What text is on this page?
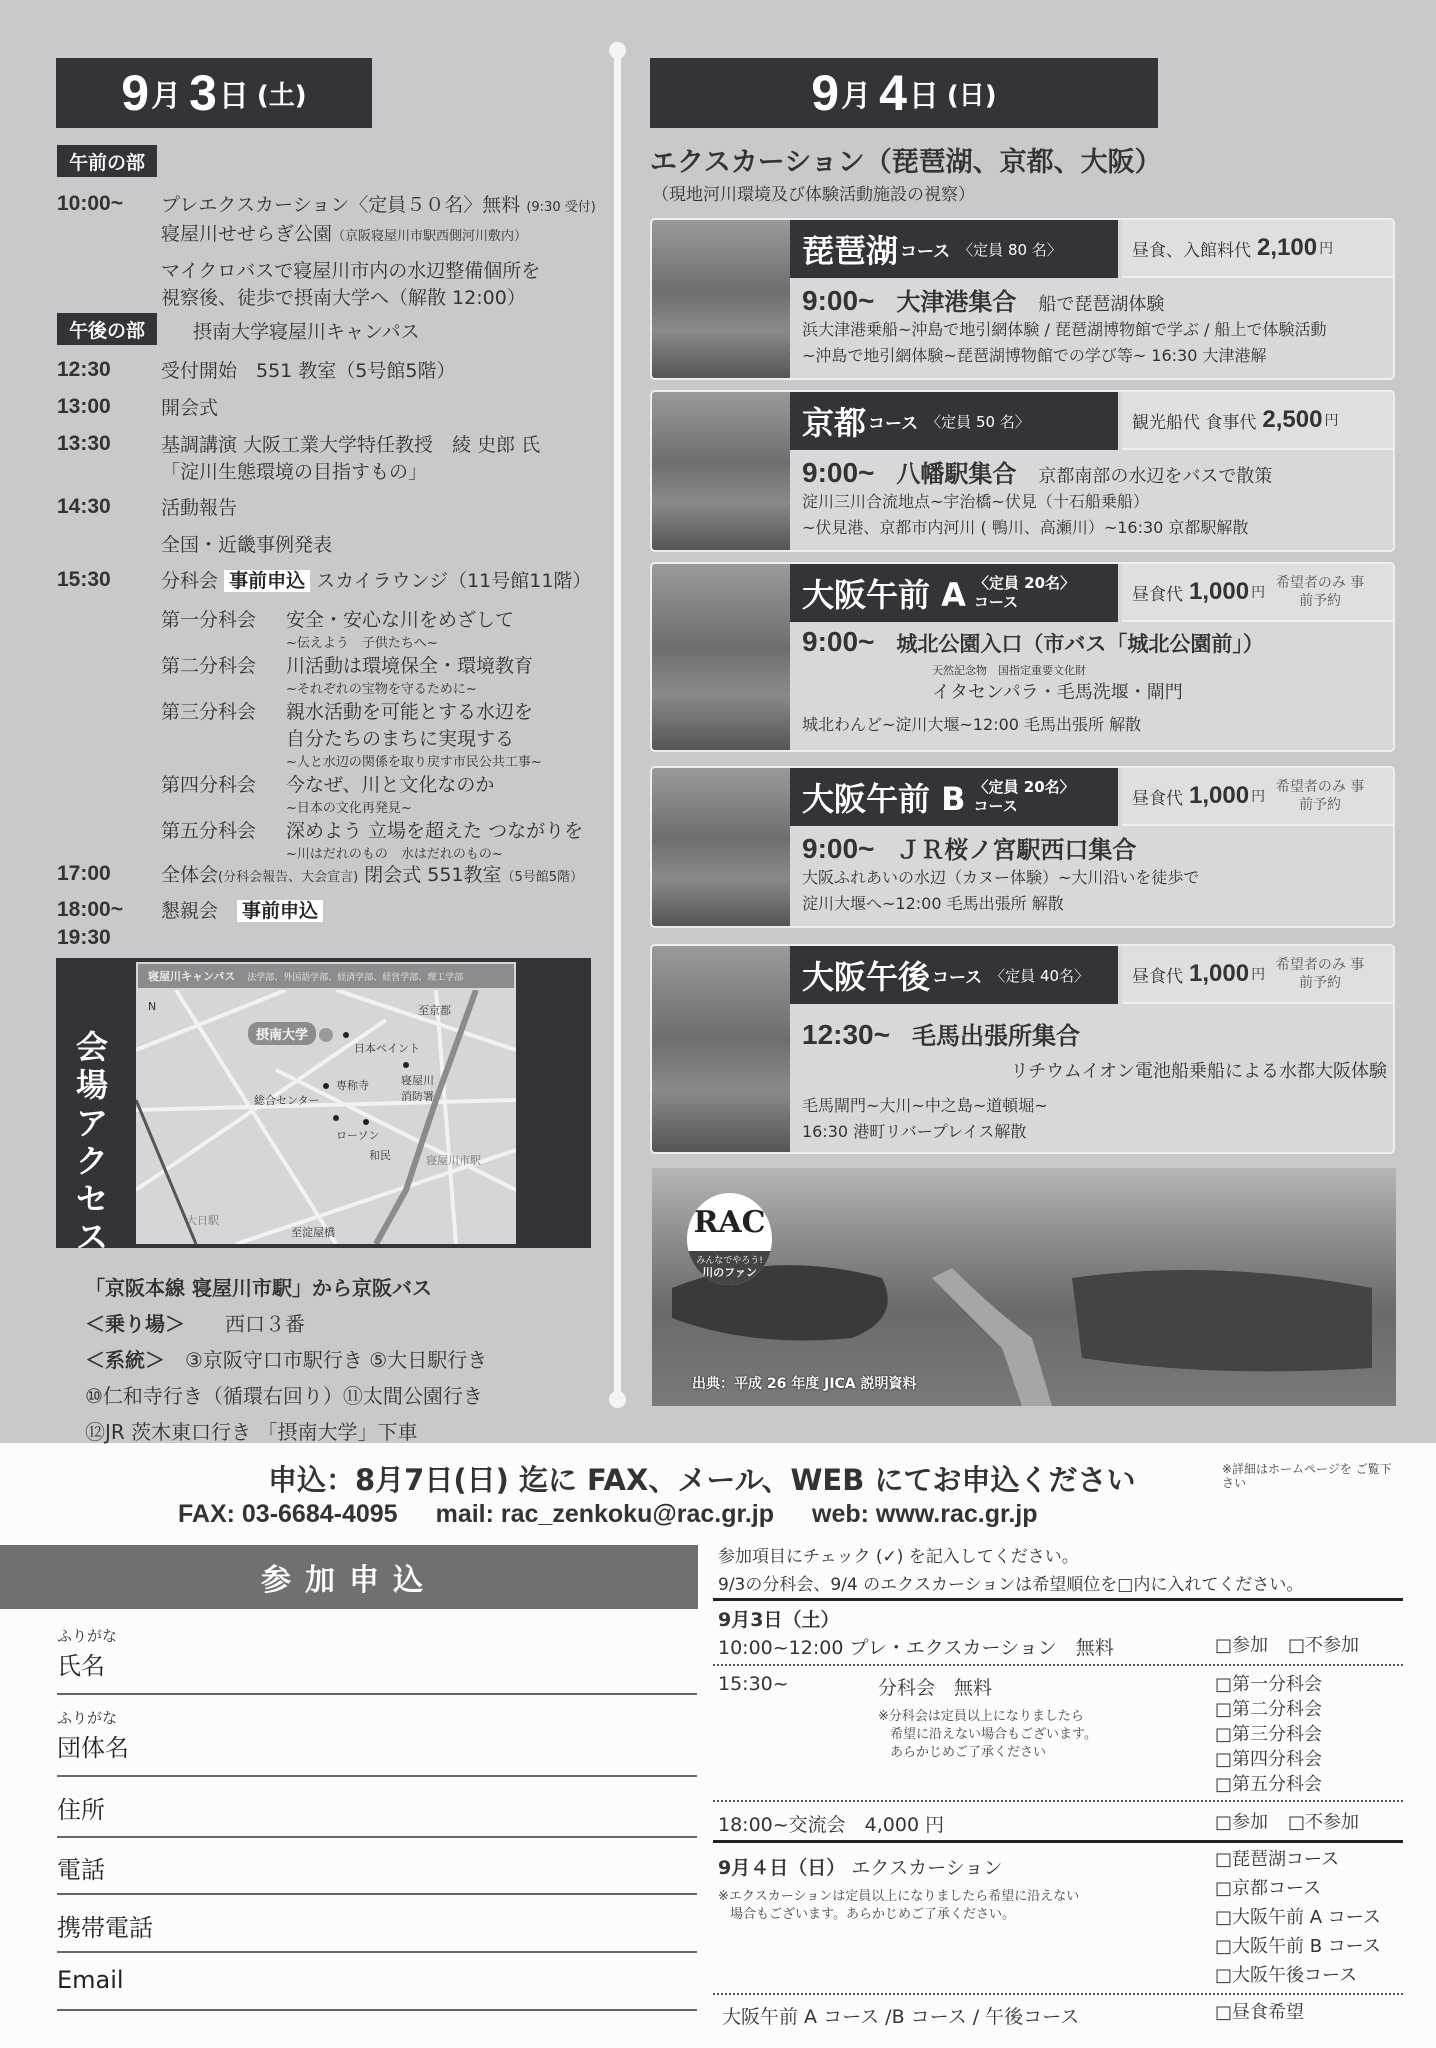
9 月 3 日 (土)
午前の部
10:00~	プレエクスカーション〈定員５０名〉無料 (9:30 受付)
寝屋川せせらぎ公園（京阪寝屋川市駅西側河川敷内）
マイクロバスで寝屋川市内の水辺整備個所を
視察後、徒歩で摂南大学へ（解散 12:00）
午後の部	摂南大学寝屋川キャンパス
12:30	受付開始　551 教室（5号館5階）
13:00	開会式
13:30	基調講演 大阪工業大学特任教授　綾 史郎 氏
「淀川生態環境の目指すもの」
14:30	活動報告
全国・近畿事例発表
15:30	分科会 事前申込 スカイラウンジ（11号館11階）
第一分科会	安全・安心な川をめざして
~伝えよう　子供たちへ~
第二分科会	川活動は環境保全・環境教育
~それぞれの宝物を守るために~
第三分科会	親水活動を可能とする水辺を
自分たちのまちに実現する
~人と水辺の関係を取り戻す市民公共工事~
第四分科会	今なぜ、川と文化なのか
~日本の文化再発見~
第五分科会	深めよう 立場を超えた つながりを
~川はだれのもの　水はだれのもの~
17:00	全体会(分科会報告、大会宣言) 閉会式 551教室（5号館5階）
18:00~	懇親会　 事前申込
19:30
会場アクセス
寝屋川キャンパス 法学部、外国語学部、経済学部、経営学部、理工学部
N
摂南大学
至京都
日本ペイント
専称寺	寝屋川消防署
総合センター
ローソン
和民	寝屋川市駅
大日駅
至淀屋橋
「京阪本線 寝屋川市駅」から京阪バス
＜乗り場＞　　 西口３番
＜系統＞　 ③京阪守口市駅行き ⑤大日駅行き
⑩仁和寺行き（循環右回り）⑪太間公園行き
⑫JR 茨木東口行き 「摂南大学」下車
9 月 4 日 (日)
エクスカーション（琵琶湖、京都、大阪）
（現地河川環境及び体験活動施設の視察）
琵琶湖 コース 〈定員 80 名〉	昼食、入館料代 2,100 円
9:00~ 大津港集合 船で琵琶湖体験
浜大津港乗船~沖島で地引網体験 / 琵琶湖博物館で学ぶ / 船上で体験活動
~沖島で地引網体験~琵琶湖博物館での学び等~ 16:30 大津港解
京都 コース 〈定員 50 名〉	観光船代 食事代 2,500 円
9:00~ 八幡駅集合 京都南部の水辺をバスで散策
淀川三川合流地点~宇治橋~伏見（十石船乗船）
~伏見港、京都市内河川 ( 鴨川、高瀬川）~16:30 京都駅解散
大阪午前 A 〈定員 20名〉
コース	昼食代 1,000 円
希望者のみ 事前予約
9:00~ 城北公園入口（市バス「城北公園前」）
天然記念物　国指定重要文化財
イタセンパラ・毛馬洗堰・閘門
城北わんど~淀川大堰~12:00 毛馬出張所 解散
大阪午前 B 〈定員 20名〉
コース	昼食代 1,000 円
希望者のみ 事前予約
9:00~ ＪＲ桜ノ宮駅西口集合
大阪ふれあいの水辺（カヌー体験）~大川沿いを徒歩で
淀川大堰へ~12:00 毛馬出張所 解散
大阪午後 コース 〈定員 40名〉	昼食代 1,000 円
希望者のみ 事前予約
12:30~ 毛馬出張所集合
リチウムイオン電池船乗船による水都大阪体験
毛馬閘門~大川~中之島~道頓堀~
16:30 港町リバープレイス解散
RAC
みんなでやろう!
川のファン
出典：平成 26 年度 JICA 説明資料
申込：8月7日(日) 迄に FAX、メール、WEB にてお申込ください	※詳細はホームページを ご覧下さい
FAX: 03-6684-4095 mail: rac_zenkoku@rac.gr.jp web: www.rac.gr.jp
参加申込
ふりがな
氏名
ふりがな
団体名
住所
電話
携帯電話
Email
参加項目にチェック (✓) を記入してください。
9/3の分科会、9/4 のエクスカーションは希望順位を□内に入れてください。
9月3日（土）
10:00~12:00 プレ・エクスカーション　無料	□参加 □不参加
15:30~	分科会　無料
※分科会は定員以上になりましたら
希望に沿えない場合もございます。
あらかじめご了承ください
□第一分科会
□第二分科会
□第三分科会
□第四分科会
□第五分科会
18:00~交流会　4,000 円	□参加 □不参加
9月４日（日） エクスカーション
※エクスカーションは定員以上になりましたら希望に沿えない
場合もございます。あらかじめご了承ください。
□琵琶湖コース
□京都コース
□大阪午前 A コース
□大阪午前 B コース
□大阪午後コース
大阪午前 A コース /B コース / 午後コース	□昼食希望
